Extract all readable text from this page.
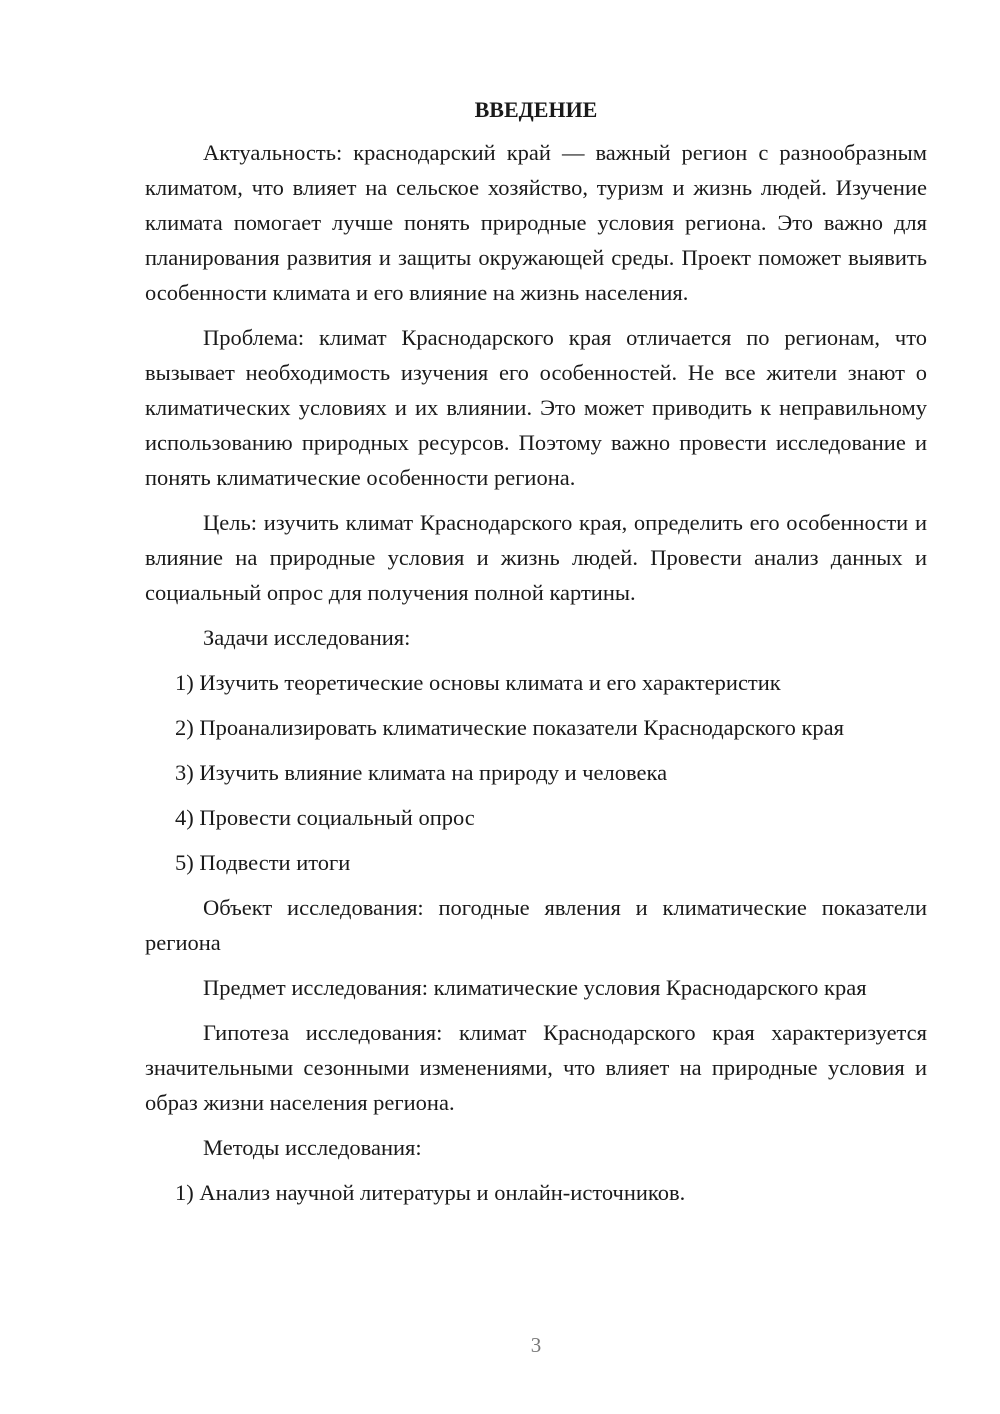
ВВЕДЕНИЕ

Актуальность: краснодарский край — важный регион с разнообразным климатом, что влияет на сельское хозяйство, туризм и жизнь людей. Изучение климата помогает лучше понять природные условия региона. Это важно для планирования развития и защиты окружающей среды. Проект поможет выявить особенности климата и его влияние на жизнь населения.

Проблема: климат Краснодарского края отличается по регионам, что вызывает необходимость изучения его особенностей. Не все жители знают о климатических условиях и их влиянии. Это может приводить к неправильному использованию природных ресурсов. Поэтому важно провести исследование и понять климатические особенности региона.

Цель: изучить климат Краснодарского края, определить его особенности и влияние на природные условия и жизнь людей. Провести анализ данных и социальный опрос для получения полной картины.

Задачи исследования:

1) Изучить теоретические основы климата и его характеристик
2) Проанализировать климатические показатели Краснодарского края
3) Изучить влияние климата на природу и человека
4) Провести социальный опрос
5) Подвести итоги

Объект исследования: погодные явления и климатические показатели региона

Предмет исследования: климатические условия Краснодарского края

Гипотеза исследования: климат Краснодарского края характеризуется значительными сезонными изменениями, что влияет на природные условия и образ жизни населения региона.

Методы исследования:

1) Анализ научной литературы и онлайн-источников.
3
